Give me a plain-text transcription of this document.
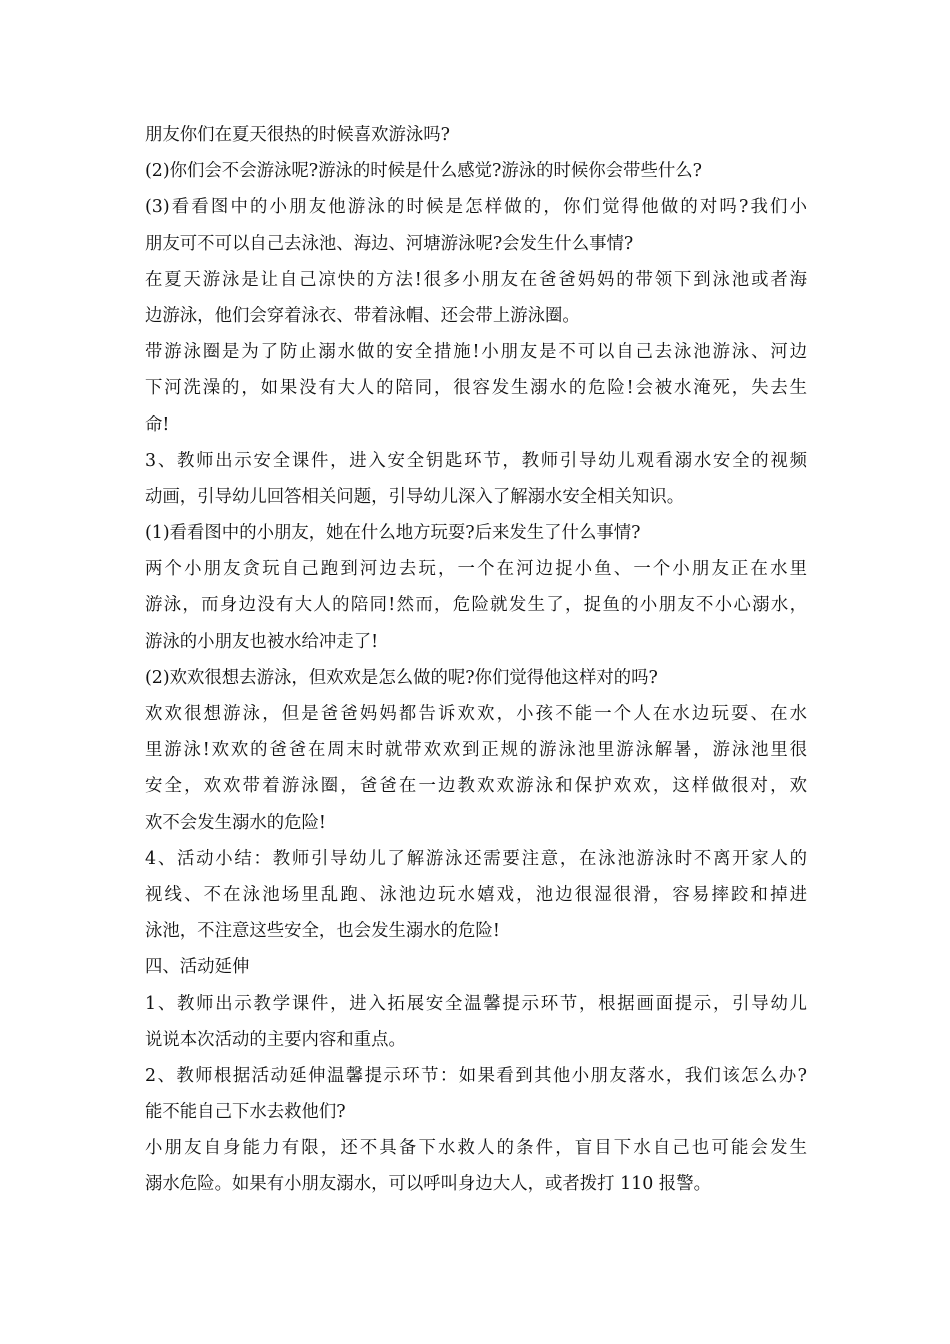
朋友你们在夏天很热的时候喜欢游泳吗?
(2)你们会不会游泳呢?游泳的时候是什么感觉?游泳的时候你会带些什么?
(3)看看图中的小朋友他游泳的时候是怎样做的，你们觉得他做的对吗?我们小
朋友可不可以自己去泳池、海边、河塘游泳呢?会发生什么事情?
在夏天游泳是让自己凉快的方法!很多小朋友在爸爸妈妈的带领下到泳池或者海
边游泳，他们会穿着泳衣、带着泳帽、还会带上游泳圈。
带游泳圈是为了防止溺水做的安全措施!小朋友是不可以自己去泳池游泳、河边
下河洗澡的，如果没有大人的陪同，很容发生溺水的危险!会被水淹死，失去生
命!
3、教师出示安全课件，进入安全钥匙环节，教师引导幼儿观看溺水安全的视频
动画，引导幼儿回答相关问题，引导幼儿深入了解溺水安全相关知识。
(1)看看图中的小朋友，她在什么地方玩耍?后来发生了什么事情?
两个小朋友贪玩自己跑到河边去玩，一个在河边捉小鱼、一个小朋友正在水里
游泳，而身边没有大人的陪同!然而，危险就发生了，捉鱼的小朋友不小心溺水，
游泳的小朋友也被水给冲走了!
(2)欢欢很想去游泳，但欢欢是怎么做的呢?你们觉得他这样对的吗?
欢欢很想游泳，但是爸爸妈妈都告诉欢欢，小孩不能一个人在水边玩耍、在水
里游泳!欢欢的爸爸在周末时就带欢欢到正规的游泳池里游泳解暑，游泳池里很
安全，欢欢带着游泳圈，爸爸在一边教欢欢游泳和保护欢欢，这样做很对，欢
欢不会发生溺水的危险!
4、活动小结：教师引导幼儿了解游泳还需要注意，在泳池游泳时不离开家人的
视线、不在泳池场里乱跑、泳池边玩水嬉戏，池边很湿很滑，容易摔跤和掉进
泳池，不注意这些安全，也会发生溺水的危险!
四、活动延伸
1、教师出示教学课件，进入拓展安全温馨提示环节，根据画面提示，引导幼儿
说说本次活动的主要内容和重点。
2、教师根据活动延伸温馨提示环节：如果看到其他小朋友落水，我们该怎么办?
能不能自己下水去救他们?
小朋友自身能力有限，还不具备下水救人的条件，盲目下水自己也可能会发生
溺水危险。如果有小朋友溺水，可以呼叫身边大人，或者拨打 110 报警。
